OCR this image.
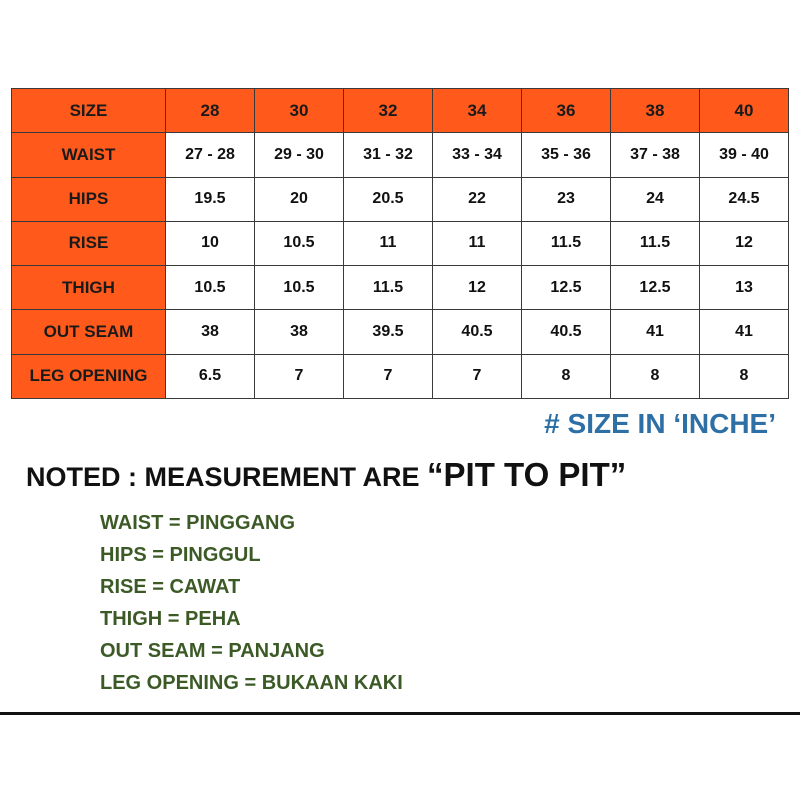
SIZE	28	30	32	34	36	38	40
WAIST	27 - 28	29 - 30	31 - 32	33 - 34	35 - 36	37 - 38	39 - 40
HIPS	19.5	20	20.5	22	23	24	24.5
RISE	10	10.5	11	11	11.5	11.5	12
THIGH	10.5	10.5	11.5	12	12.5	12.5	13
OUT SEAM	38	38	39.5	40.5	40.5	41	41
LEG OPENING	6.5	7	7	7	8	8	8
# SIZE IN ‘INCHE’
NOTED : MEASUREMENT ARE “PIT TO PIT”
WAIST = PINGGANG
HIPS = PINGGUL
RISE = CAWAT
THIGH = PEHA
OUT SEAM = PANJANG
LEG OPENING = BUKAAN KAKI
